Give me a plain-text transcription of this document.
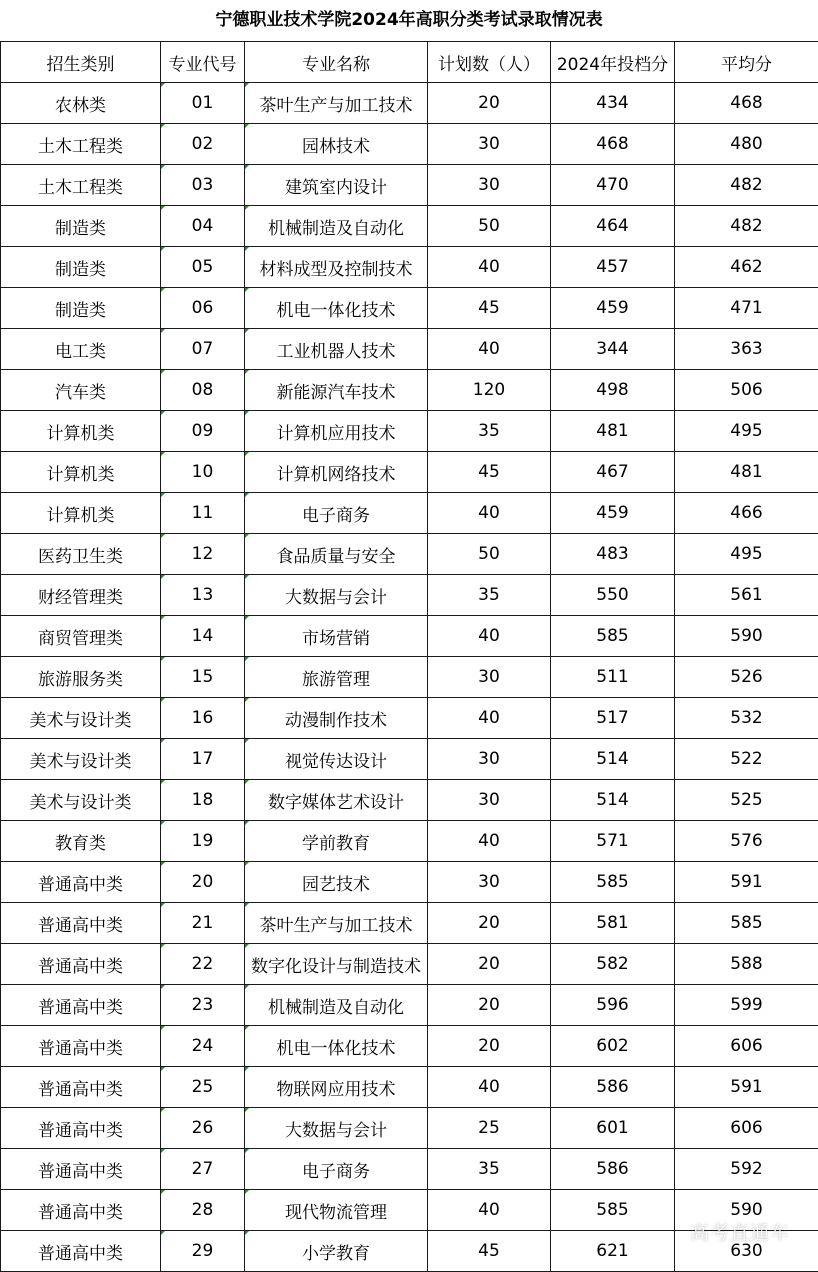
宁德职业技术学院2024年高职分类考试录取情况表
招生类别	专业代号	专业名称	计划数（人）	2024年投档分	平均分
农林类	01	茶叶生产与加工技术	20	434	468
土木工程类	02	园林技术	30	468	480
土木工程类	03	建筑室内设计	30	470	482
制造类	04	机械制造及自动化	50	464	482
制造类	05	材料成型及控制技术	40	457	462
制造类	06	机电一体化技术	45	459	471
电工类	07	工业机器人技术	40	344	363
汽车类	08	新能源汽车技术	120	498	506
计算机类	09	计算机应用技术	35	481	495
计算机类	10	计算机网络技术	45	467	481
计算机类	11	电子商务	40	459	466
医药卫生类	12	食品质量与安全	50	483	495
财经管理类	13	大数据与会计	35	550	561
商贸管理类	14	市场营销	40	585	590
旅游服务类	15	旅游管理	30	511	526
美术与设计类	16	动漫制作技术	40	517	532
美术与设计类	17	视觉传达设计	30	514	522
美术与设计类	18	数字媒体艺术设计	30	514	525
教育类	19	学前教育	40	571	576
普通高中类	20	园艺技术	30	585	591
普通高中类	21	茶叶生产与加工技术	20	581	585
普通高中类	22	数字化设计与制造技术	20	582	588
普通高中类	23	机械制造及自动化	20	596	599
普通高中类	24	机电一体化技术	20	602	606
普通高中类	25	物联网应用技术	40	586	591
普通高中类	26	大数据与会计	25	601	606
普通高中类	27	电子商务	35	586	592
普通高中类	28	现代物流管理	40	585	590
普通高中类	29	小学教育	45	621	630
高考直通车
